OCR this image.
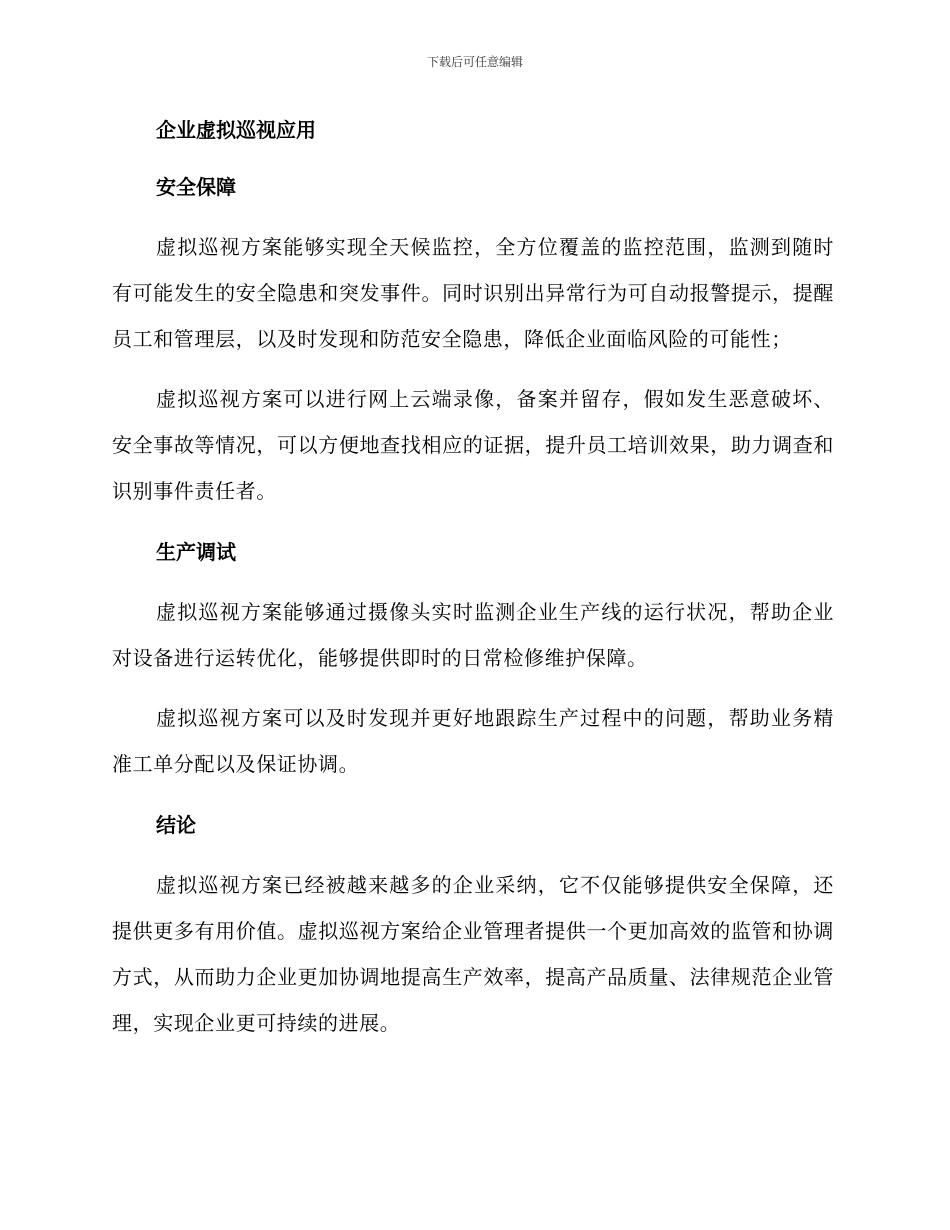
下载后可任意编辑
企业虚拟巡视应用
安全保障

虚拟巡视方案能够实现全天候监控，全方位覆盖的监控范围，监测到随时有可能发生的安全隐患和突发事件。同时识别出异常行为可自动报警提示，提醒员工和管理层，以及时发现和防范安全隐患，降低企业面临风险的可能性；

虚拟巡视方案可以进行网上云端录像，备案并留存，假如发生恶意破坏、安全事故等情况，可以方便地查找相应的证据，提升员工培训效果，助力调查和识别事件责任者。

生产调试

虚拟巡视方案能够通过摄像头实时监测企业生产线的运行状况，帮助企业对设备进行运转优化，能够提供即时的日常检修维护保障。

虚拟巡视方案可以及时发现并更好地跟踪生产过程中的问题，帮助业务精准工单分配以及保证协调。

结论

虚拟巡视方案已经被越来越多的企业采纳，它不仅能够提供安全保障，还提供更多有用价值。虚拟巡视方案给企业管理者提供一个更加高效的监管和协调方式，从而助力企业更加协调地提高生产效率，提高产品质量、法律规范企业管理，实现企业更可持续的进展。
